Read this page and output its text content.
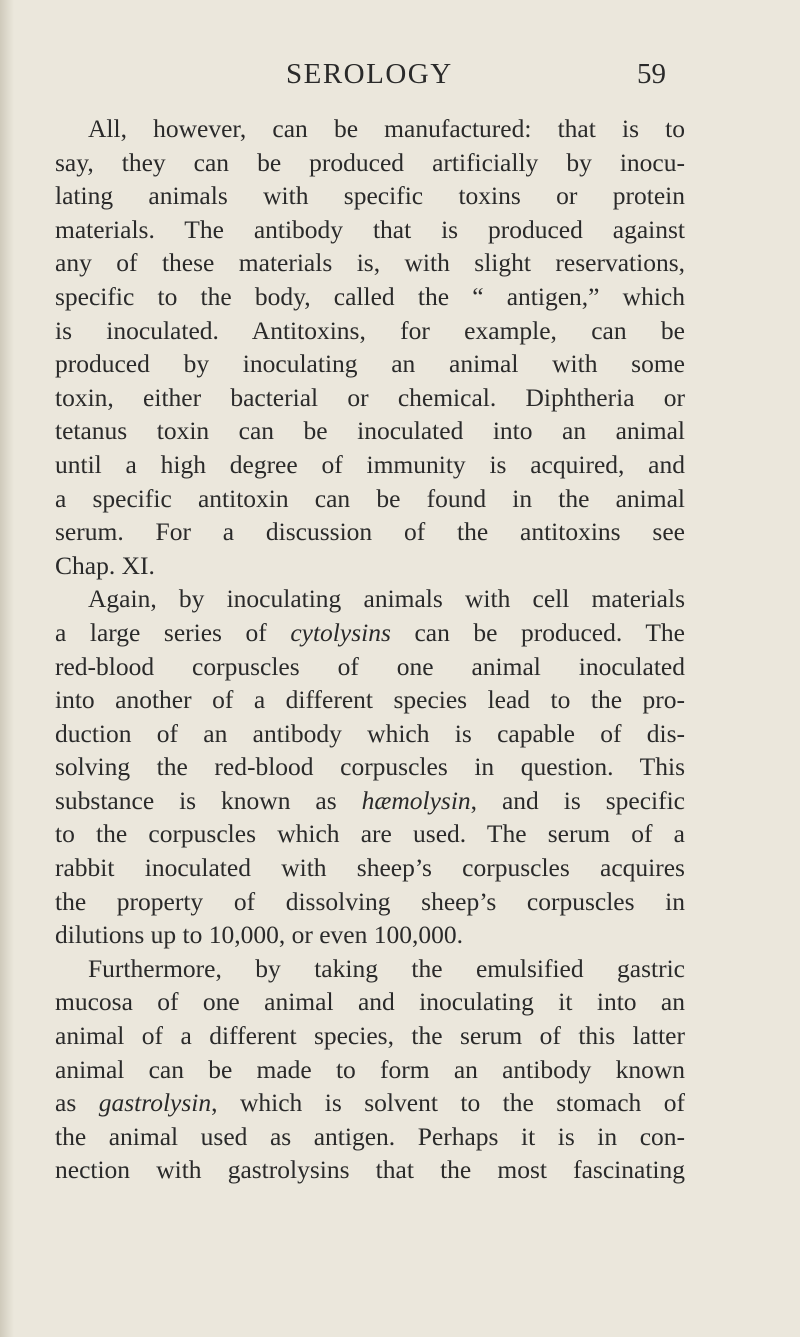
SEROLOGY	59
All, however, can be manufactured: that is to
say, they can be produced artificially by inocu-
lating animals with specific toxins or protein
materials. The antibody that is produced against
any of these materials is, with slight reservations,
specific to the body, called the “ antigen,” which
is inoculated. Antitoxins, for example, can be
produced by inoculating an animal with some
toxin, either bacterial or chemical. Diphtheria or
tetanus toxin can be inoculated into an animal
until a high degree of immunity is acquired, and
a specific antitoxin can be found in the animal
serum. For a discussion of the antitoxins see
Chap. XI.
Again, by inoculating animals with cell materials
a large series of cytolysins can be produced. The
red-blood corpuscles of one animal inoculated
into another of a different species lead to the pro-
duction of an antibody which is capable of dis-
solving the red-blood corpuscles in question. This
substance is known as hæmolysin, and is specific
to the corpuscles which are used. The serum of a
rabbit inoculated with sheep’s corpuscles acquires
the property of dissolving sheep’s corpuscles in
dilutions up to 10,000, or even 100,000.
Furthermore, by taking the emulsified gastric
mucosa of one animal and inoculating it into an
animal of a different species, the serum of this latter
animal can be made to form an antibody known
as gastrolysin, which is solvent to the stomach of
the animal used as antigen. Perhaps it is in con-
nection with gastrolysins that the most fascinating
